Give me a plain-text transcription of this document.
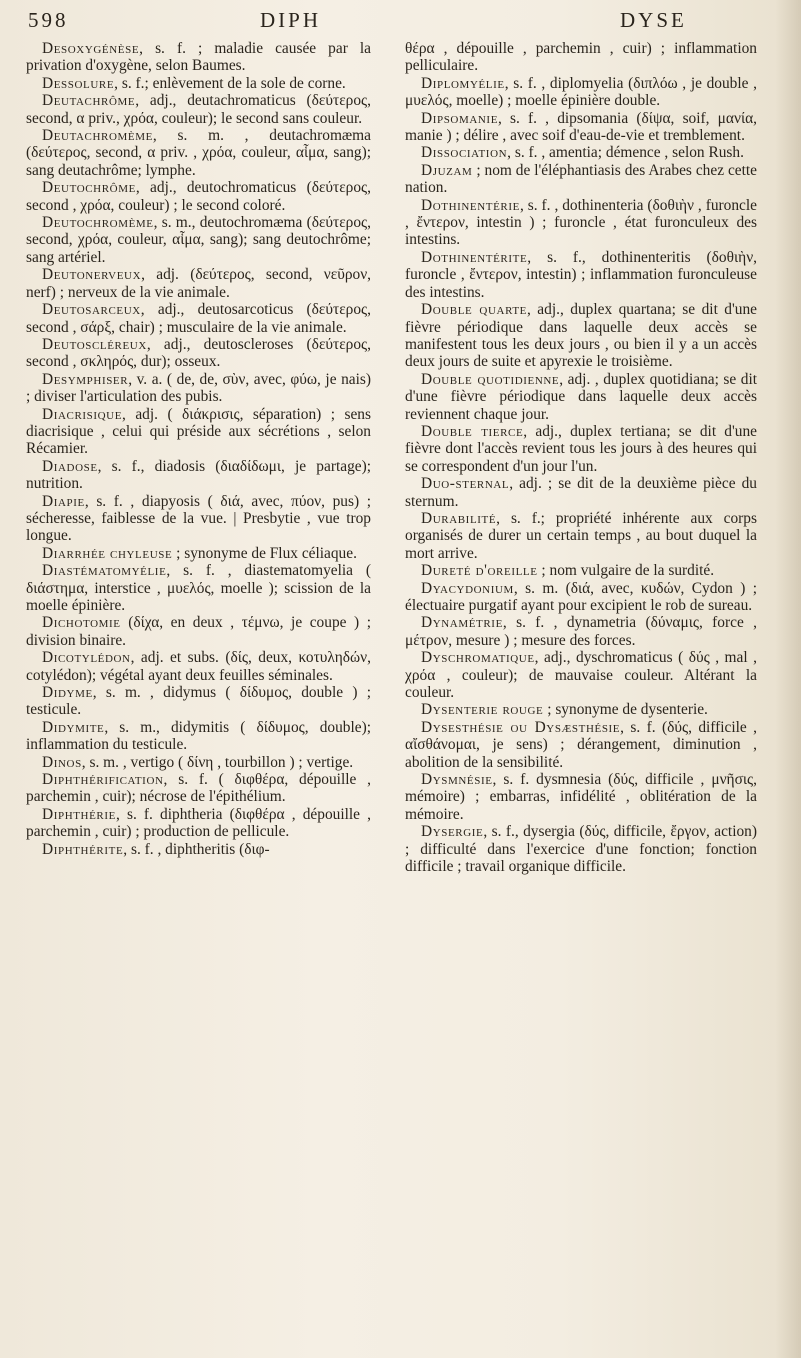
598	DIPH	DYSE

Desoxygénèse, s. f. ; maladie causée par la privation d'oxygène, selon Baumes.

Dessolure, s. f.; enlèvement de la sole de corne.

Deutachrôme, adj., deutachromaticus (δεύτερος, second, α priv., χρόα, couleur); le second sans couleur.

Deutachromème, s. m. , deutachromæma (δεύτερος, second, α priv. , χρόα, couleur, αἷμα, sang); sang deutachrôme; lymphe.

Deutochrôme, adj., deutochromaticus (δεύτερος, second , χρόα, couleur) ; le second coloré.

Deutochromème, s. m., deutochromæma (δεύτερος, second, χρόα, couleur, αἷμα, sang); sang deutochrôme; sang artériel.

Deutonerveux, adj. (δεύτερος, second, νεῦρον, nerf) ; nerveux de la vie animale.

Deutosarceux, adj., deutosarcoticus (δεύτερος, second , σάρξ, chair) ; musculaire de la vie animale.

Deutoscléreux, adj., deutoscleroses (δεύτερος, second , σκληρός, dur); osseux.

Desymphiser, v. a. ( de, de, σὺν, avec, φύω, je nais) ; diviser l'articulation des pubis.

Diacrisique, adj. ( διάκρισις, séparation) ; sens diacrisique , celui qui préside aux sécrétions , selon Récamier.

Diadose, s. f., diadosis (διαδίδωμι, je partage); nutrition.

Diapie, s. f. , diapyosis ( διά, avec, πύον, pus) ; sécheresse, faiblesse de la vue. | Presbytie , vue trop longue.

Diarrhée chyleuse ; synonyme de Flux céliaque.

Diastématomyélie, s. f. , diastematomyelia ( διάστημα, interstice , μυελός, moelle ); scission de la moelle épinière.

Dichotomie (δίχα, en deux , τέμνω, je coupe ) ; division binaire.

Dicotylédon, adj. et subs. (δίς, deux, κοτυληδών, cotylédon); végétal ayant deux feuilles séminales.

Didyme, s. m. , didymus ( δίδυμος, double ) ; testicule.

Didymite, s. m., didymitis ( δίδυμος, double); inflammation du testicule.

Dinos, s. m. , vertigo ( δίνη , tourbillon ) ; vertige.

Diphthérification, s. f. ( διφθέρα, dépouille , parchemin , cuir); nécrose de l'épithélium.

Diphthérie, s. f. diphtheria (διφθέρα , dépouille , parchemin , cuir) ; production de pellicule.

Diphthérite, s. f. , diphtheritis (διφ-

θέρα , dépouille , parchemin , cuir) ; inflammation pelliculaire.

Diplomyélie, s. f. , diplomyelia (διπλόω , je double , μυελός, moelle) ; moelle épinière double.

Dipsomanie, s. f. , dipsomania (δίψα, soif, μανία, manie ) ; délire , avec soif d'eau-de-vie et tremblement.

Dissociation, s. f. , amentia; démence , selon Rush.

Djuzam ; nom de l'éléphantiasis des Arabes chez cette nation.

Dothinentérie, s. f. , dothinenteria (δοθιὴν , furoncle , ἔντερον, intestin ) ; furoncle , état furonculeux des intestins.

Dothinentérite, s. f., dothinenteritis (δοθιὴν, furoncle , ἔντερον, intestin) ; inflammation furonculeuse des intestins.

Double quarte, adj., duplex quartana; se dit d'une fièvre périodique dans laquelle deux accès se manifestent tous les deux jours , ou bien il y a un accès deux jours de suite et apyrexie le troisième.

Double quotidienne, adj. , duplex quotidiana; se dit d'une fièvre périodique dans laquelle deux accès reviennent chaque jour.

Double tierce, adj., duplex tertiana; se dit d'une fièvre dont l'accès revient tous les jours à des heures qui se correspondent d'un jour l'un.

Duo-sternal, adj. ; se dit de la deuxième pièce du sternum.

Durabilité, s. f.; propriété inhérente aux corps organisés de durer un certain temps , au bout duquel la mort arrive.

Dureté d'oreille ; nom vulgaire de la surdité.

Dyacydonium, s. m. (διά, avec, κυδών, Cydon ) ; électuaire purgatif ayant pour excipient le rob de sureau.

Dynamétrie, s. f. , dynametria (δύναμις, force , μέτρον, mesure ) ; mesure des forces.

Dyschromatique, adj., dyschromaticus ( δύς , mal , χρόα , couleur); de mauvaise couleur. Altérant la couleur.

Dysenterie rouge ; synonyme de dysenterie.

Dysesthésie ou Dysæsthésie, s. f. (δύς, difficile , αἴσθάνομαι, je sens) ; dérangement, diminution , abolition de la sensibilité.

Dysmnésie, s. f. dysmnesia (δύς, difficile , μνῆσις, mémoire) ; embarras, infidélité , oblitération de la mémoire.

Dysergie, s. f., dysergia (δύς, difficile, ἔργον, action) ; difficulté dans l'exercice d'une fonction; fonction difficile ; travail organique difficile.
